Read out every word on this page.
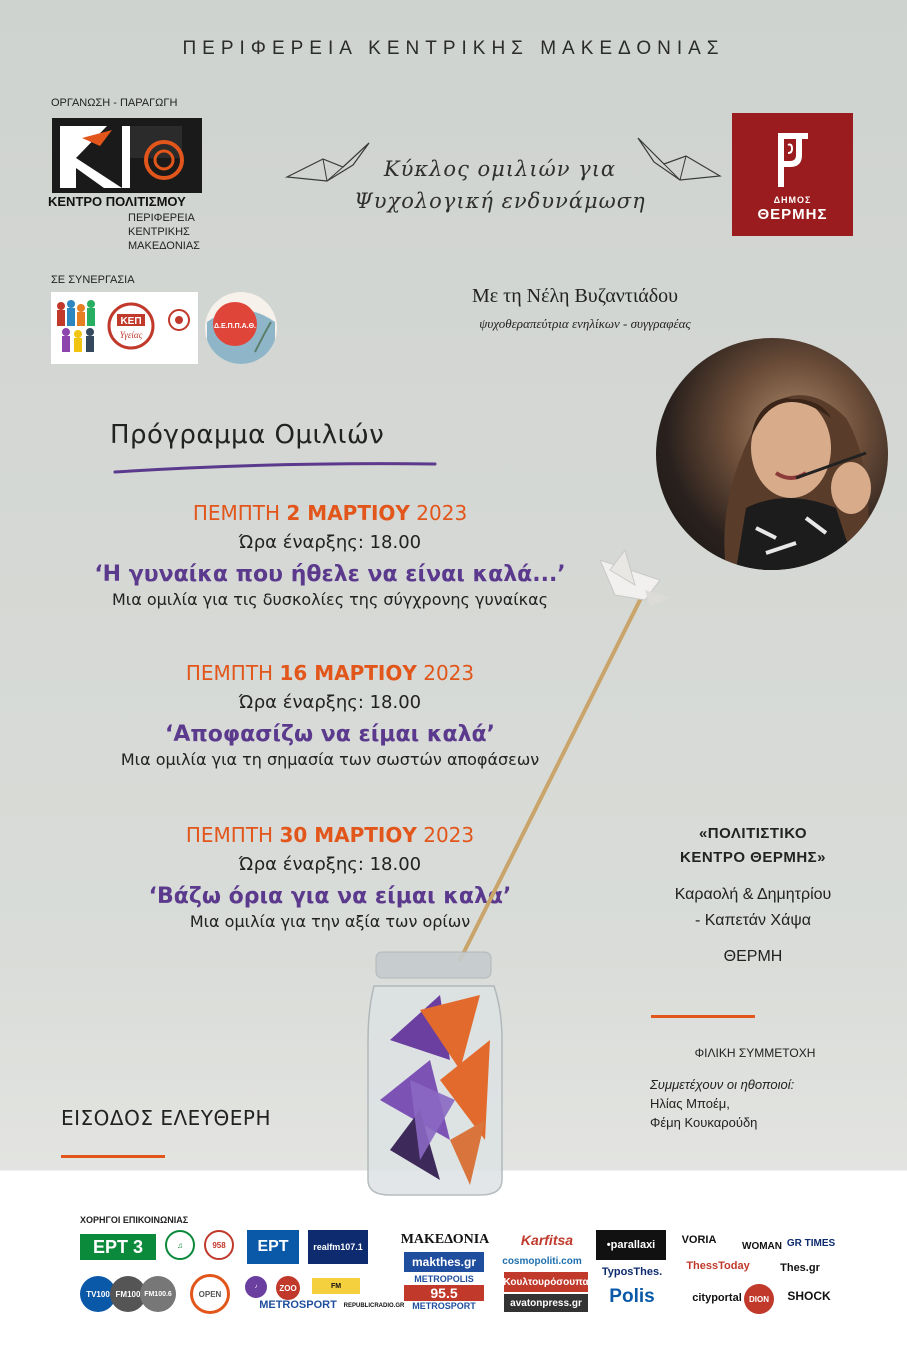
ΠΕΡΙΦΕΡΕΙΑ ΚΕΝΤΡΙΚΗΣ ΜΑΚΕΔΟΝΙΑΣ
ΟΡΓΑΝΩΣΗ - ΠΑΡΑΓΩΓΗ
ΚΕΝΤΡΟ ΠΟΛΙΤΙΣΜΟΥ
ΠΕΡΙΦΕΡΕΙΑ
ΚΕΝΤΡΙΚΗΣ
ΜΑΚΕΔΟΝΙΑΣ
ΣΕ ΣΥΝΕΡΓΑΣΙΑ
ΚΕΠ
Υγείας
Δ.Ε.Π.Π.Α.Θ.
Κύκλος ομιλιών για
Ψυχολογική ενδυνάμωση	ΔΗΜΟΣ
ΘΕΡΜΗΣ
Με τη Νέλη Βυζαντιάδου
ψυχοθεραπεύτρια ενηλίκων - συγγραφέας
Πρόγραμμα Ομιλιών
ΠΕΜΠΤΗ 2 ΜΑΡΤΙΟΥ 2023
Ώρα έναρξης: 18.00
‘Η γυναίκα που ήθελε να είναι καλά...’
Μια ομιλία για τις δυσκολίες της σύγχρονης γυναίκας
ΠΕΜΠΤΗ 16 ΜΑΡΤΙΟΥ 2023
Ώρα έναρξης: 18.00
‘Αποφασίζω να είμαι καλά’
Μια ομιλία για τη σημασία των σωστών αποφάσεων
ΠΕΜΠΤΗ 30 ΜΑΡΤΙΟΥ 2023
Ώρα έναρξης: 18.00
‘Βάζω όρια για να είμαι καλά’
Μια ομιλία για την αξία των ορίων
«ΠΟΛΙΤΙΣΤΙΚΟ
ΚΕΝΤΡΟ ΘΕΡΜΗΣ»
Καραολή & Δημητρίου
- Καπετάν Χάψα
ΘΕΡΜΗ
ΦΙΛΙΚΗ ΣΥΜΜΕΤΟΧΗ
Συμμετέχουν οι ηθοποιοί:
Ηλίας Μποέμ,
Φέμη Κουκαρούδη
ΕΙΣΟΔΟΣ ΕΛΕΥΘΕΡΗ
ΧΟΡΗΓΟΙ ΕΠΙΚΟΙΝΩΝΙΑΣ
ΕΡΤ 3	♫	958	ΕΡΤ	realfm107.1	ΜΑΚΕΔΟΝΙΑ	Karfitsa	•parallaxi	VORIA	WOMAN GR TIMES
makthes.gr	cosmopoliti.com
TyposThes.	ThessToday	Thes.gr
TV100 FM100 FM100.6	OPEN
♪	ZOO	FM
METROSPORT REPUBLICRADIO.GR
METROPOLIS
95.5
METROSPORT
Κουλτουρόσουπα
avatonpress.gr	Polis	cityportal DION	SHOCK
